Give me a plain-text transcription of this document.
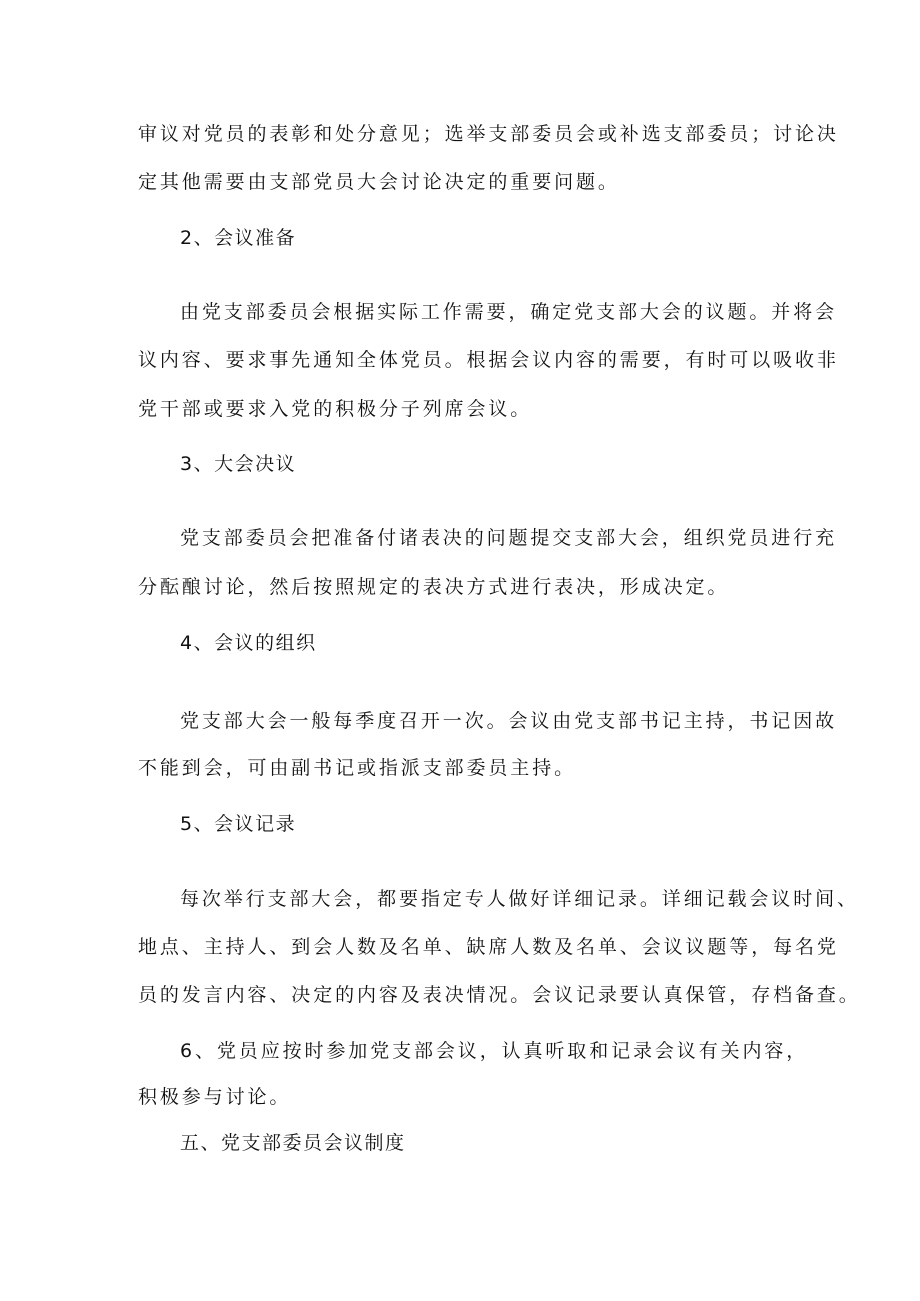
审议对党员的表彰和处分意见；选举支部委员会或补选支部委员；讨论决
定其他需要由支部党员大会讨论决定的重要问题。
2、会议准备
由党支部委员会根据实际工作需要，确定党支部大会的议题。并将会
议内容、要求事先通知全体党员。根据会议内容的需要，有时可以吸收非
党干部或要求入党的积极分子列席会议。
3、大会决议
党支部委员会把准备付诸表决的问题提交支部大会，组织党员进行充
分酝酿讨论，然后按照规定的表决方式进行表决，形成决定。
4、会议的组织
党支部大会一般每季度召开一次。会议由党支部书记主持，书记因故
不能到会，可由副书记或指派支部委员主持。
5、会议记录
每次举行支部大会，都要指定专人做好详细记录。详细记载会议时间、
地点、主持人、到会人数及名单、缺席人数及名单、会议议题等，每名党
员的发言内容、决定的内容及表决情况。会议记录要认真保管，存档备查。
6、党员应按时参加党支部会议，认真听取和记录会议有关内容，
积极参与讨论。
五、党支部委员会议制度
